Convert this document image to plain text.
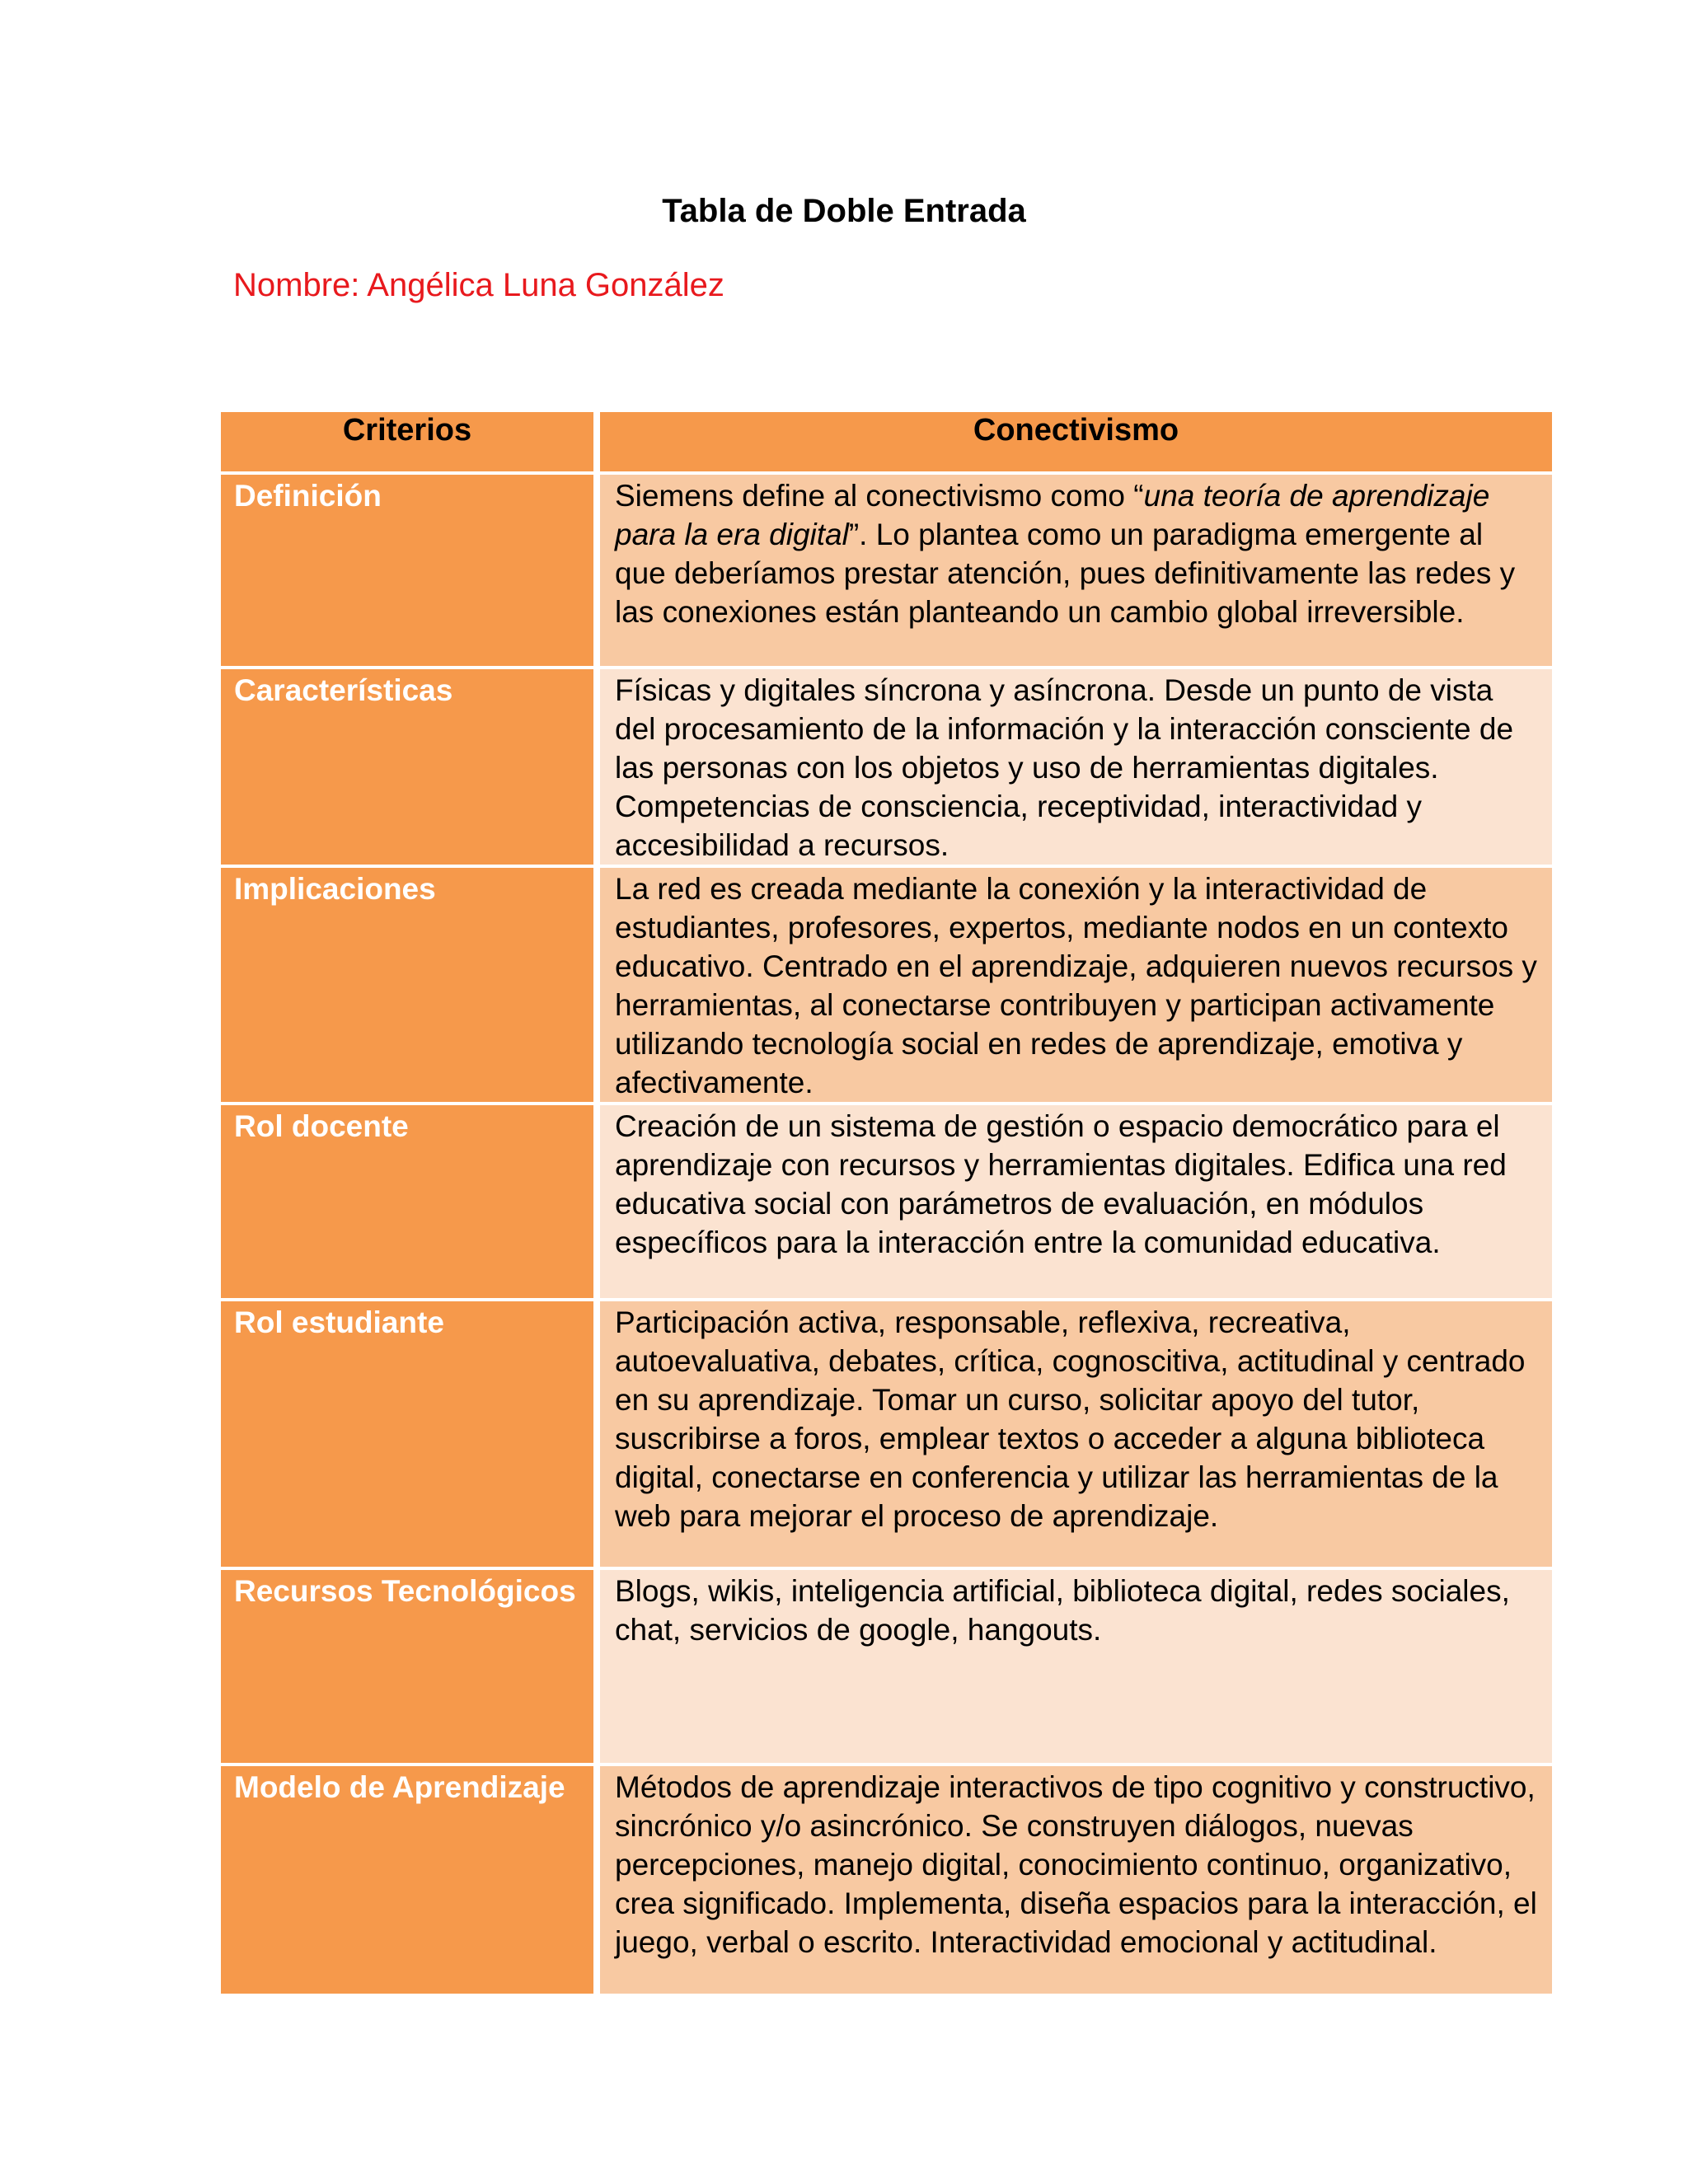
Tabla de Doble Entrada
Nombre: Angélica Luna González
Criterios	Conectivismo
Definición	Siemens define al conectivismo como “una teoría de aprendizaje para la era digital”. Lo plantea como un paradigma emergente al que deberíamos prestar atención, pues definitivamente las redes y las conexiones están planteando un cambio global irreversible.
Características	Físicas y digitales síncrona y asíncrona. Desde un punto de vista del procesamiento de la información y la interacción consciente de las personas con los objetos y uso de herramientas digitales. Competencias de consciencia, receptividad, interactividad y accesibilidad a recursos.
Implicaciones	La red es creada mediante la conexión y la interactividad de estudiantes, profesores, expertos, mediante nodos en un contexto educativo. Centrado en el aprendizaje, adquieren nuevos recursos y herramientas, al conectarse contribuyen y participan activamente utilizando tecnología social en redes de aprendizaje, emotiva y afectivamente.
Rol docente	Creación de un sistema de gestión o espacio democrático para el aprendizaje con recursos y herramientas digitales. Edifica una red educativa social con parámetros de evaluación, en módulos específicos para la interacción entre la comunidad educativa.
Rol estudiante	Participación activa, responsable, reflexiva, recreativa, autoevaluativa, debates, crítica, cognoscitiva, actitudinal y centrado en su aprendizaje. Tomar un curso, solicitar apoyo del tutor, suscribirse a foros, emplear textos o acceder a alguna biblioteca digital, conectarse en conferencia y utilizar las herramientas de la web para mejorar el proceso de aprendizaje.
Recursos Tecnológicos	Blogs, wikis, inteligencia artificial, biblioteca digital, redes sociales, chat, servicios de google, hangouts.
Modelo de Aprendizaje	Métodos de aprendizaje interactivos de tipo cognitivo y constructivo, sincrónico y/o asincrónico. Se construyen diálogos, nuevas percepciones, manejo digital, conocimiento continuo, organizativo, crea significado. Implementa, diseña espacios para la interacción, el juego, verbal o escrito. Interactividad emocional y actitudinal.
